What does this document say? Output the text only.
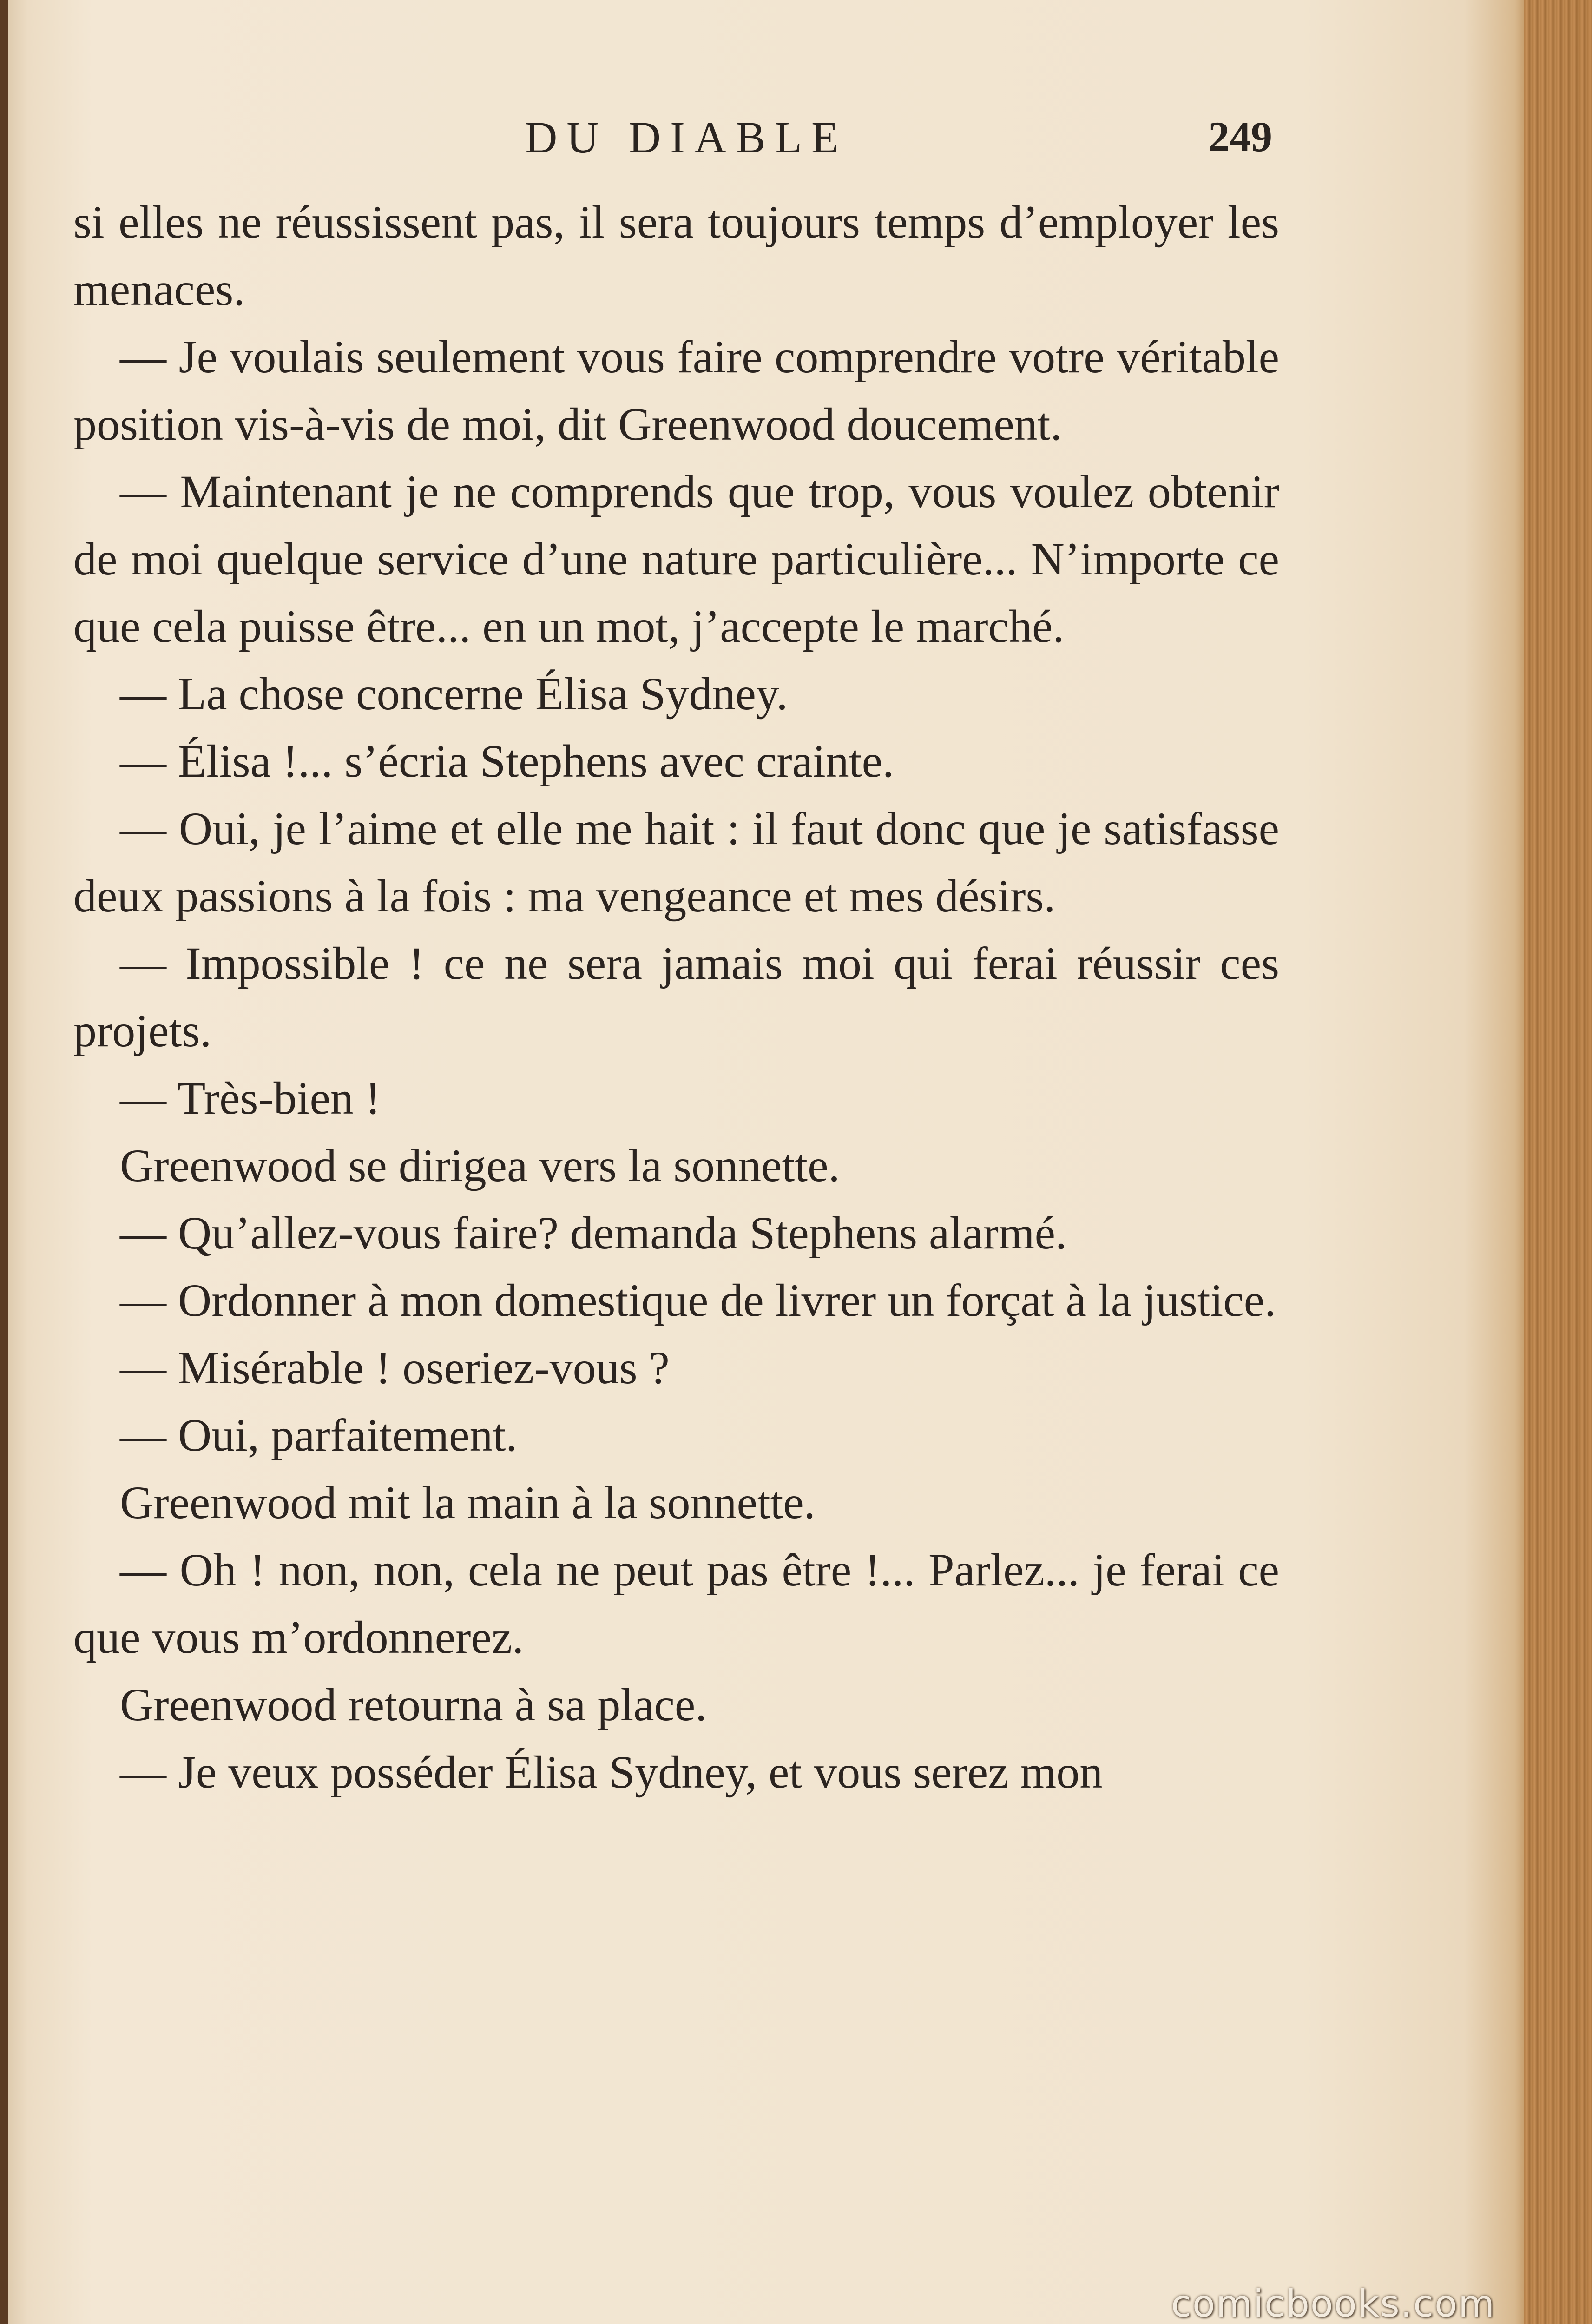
DU DIABLE	249

si elles ne réussissent pas, il sera toujours temps d’employer les menaces.

— Je voulais seulement vous faire comprendre votre véritable position vis-à-vis de moi, dit Greenwood doucement.

— Maintenant je ne comprends que trop, vous voulez obtenir de moi quelque service d’une nature particulière... N’importe ce que cela puisse être... en un mot, j’accepte le marché.

— La chose concerne Élisa Sydney.

— Élisa !... s’écria Stephens avec crainte.

— Oui, je l’aime et elle me hait : il faut donc que je satisfasse deux passions à la fois : ma vengeance et mes désirs.

— Impossible ! ce ne sera jamais moi qui ferai réussir ces projets.

— Très-bien !

Greenwood se dirigea vers la sonnette.

— Qu’allez-vous faire? demanda Stephens alarmé.

— Ordonner à mon domestique de livrer un forçat à la justice.

— Misérable ! oseriez-vous ?

— Oui, parfaitement.

Greenwood mit la main à la sonnette.

— Oh ! non, non, cela ne peut pas être !... Parlez... je ferai ce que vous m’ordonnerez.

Greenwood retourna à sa place.

— Je veux posséder Élisa Sydney, et vous serez mon

comicbooks.com
